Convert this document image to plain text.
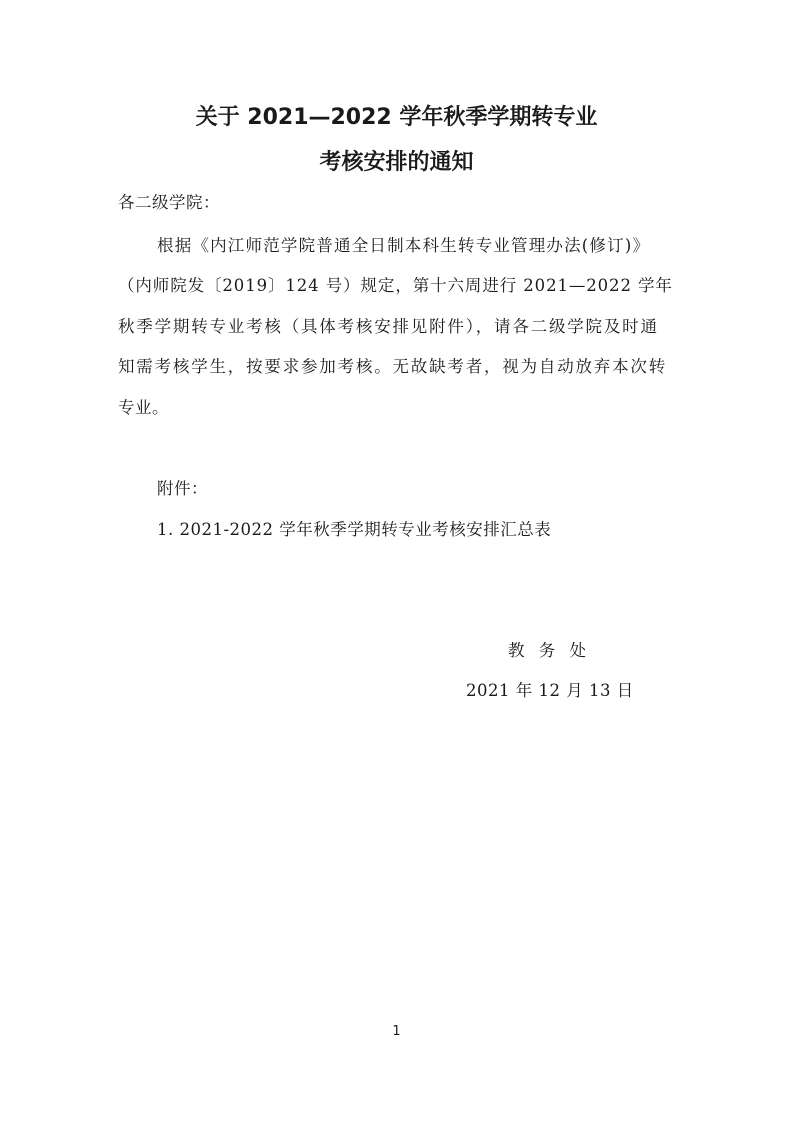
关于 2021—2022 学年秋季学期转专业
考核安排的通知

各二级学院：

根据《内江师范学院普通全日制本科生转专业管理办法(修订)》

（内师院发〔2019〕124 号）规定，第十六周进行 2021—2022 学年

秋季学期转专业考核（具体考核安排见附件），请各二级学院及时通

知需考核学生，按要求参加考核。无故缺考者，视为自动放弃本次转

专业。

附件：

1. 2021-2022 学年秋季学期转专业考核安排汇总表

教 务 处

2021 年 12 月 13 日

1
